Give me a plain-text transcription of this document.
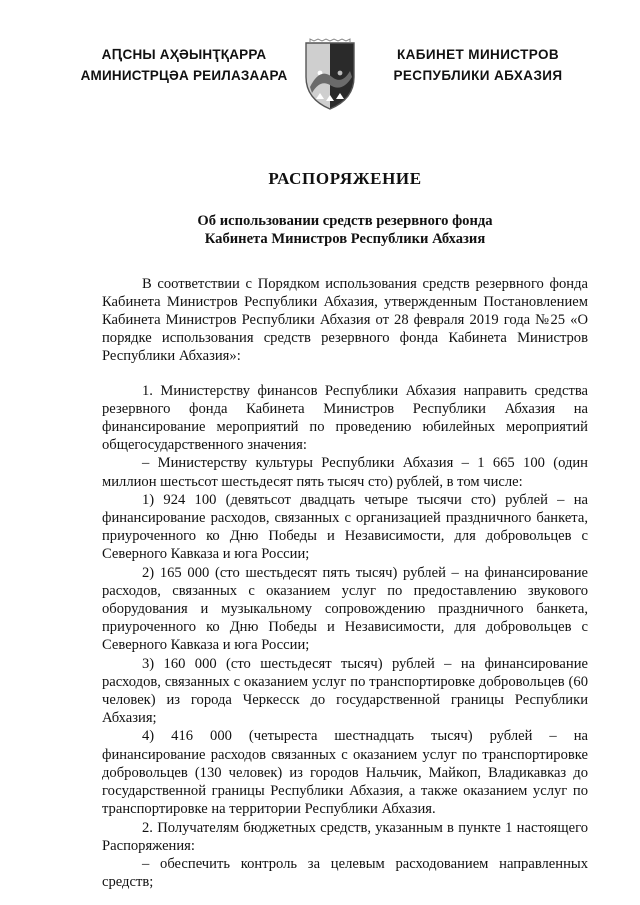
АԤСНЫ АҲӘЫНҬҚАРРА
АМИНИСТРЦӘА РЕИЛАЗААРА
КАБИНЕТ МИНИСТРОВ
РЕСПУБЛИКИ АБХАЗИЯ
РАСПОРЯЖЕНИЕ
Об использовании средств резервного фонда
Кабинета Министров Республики Абхазия

В соответствии с Порядком использования средств резервного фонда Кабинета Министров Республики Абхазия, утвержденным Постановлением Кабинета Министров Республики Абхазия от 28 февраля 2019 года №25 «О порядке использования средств резервного фонда Кабинета Министров Республики Абхазия»:

1. Министерству финансов Республики Абхазия направить средства резервного фонда Кабинета Министров Республики Абхазия на финансирование мероприятий по проведению юбилейных мероприятий общегосударственного значения:

– Министерству культуры Республики Абхазия – 1 665 100 (один миллион шестьсот шестьдесят пять тысяч сто) рублей, в том числе:

1) 924 100 (девятьсот двадцать четыре тысячи сто) рублей – на финансирование расходов, связанных с организацией праздничного банкета, приуроченного ко Дню Победы и Независимости, для добровольцев с Северного Кавказа и юга России;

2) 165 000 (сто шестьдесят пять тысяч) рублей – на финансирование расходов, связанных с оказанием услуг по предоставлению звукового оборудования и музыкальному сопровождению праздничного банкета, приуроченного ко Дню Победы и Независимости, для добровольцев с Северного Кавказа и юга России;

3) 160 000 (сто шестьдесят тысяч) рублей – на финансирование расходов, связанных с оказанием услуг по транспортировке добровольцев (60 человек) из города Черкесск до государственной границы Республики Абхазия;

4) 416 000 (четыреста шестнадцать тысяч) рублей – на финансирование расходов связанных с оказанием услуг по транспортировке добровольцев (130 человек) из городов Нальчик, Майкоп, Владикавказ до государственной границы Республики Абхазия, а также оказанием услуг по транспортировке на территории Республики Абхазия.

2. Получателям бюджетных средств, указанным в пункте 1 настоящего Распоряжения:

– обеспечить контроль за целевым расходованием направленных средств;
